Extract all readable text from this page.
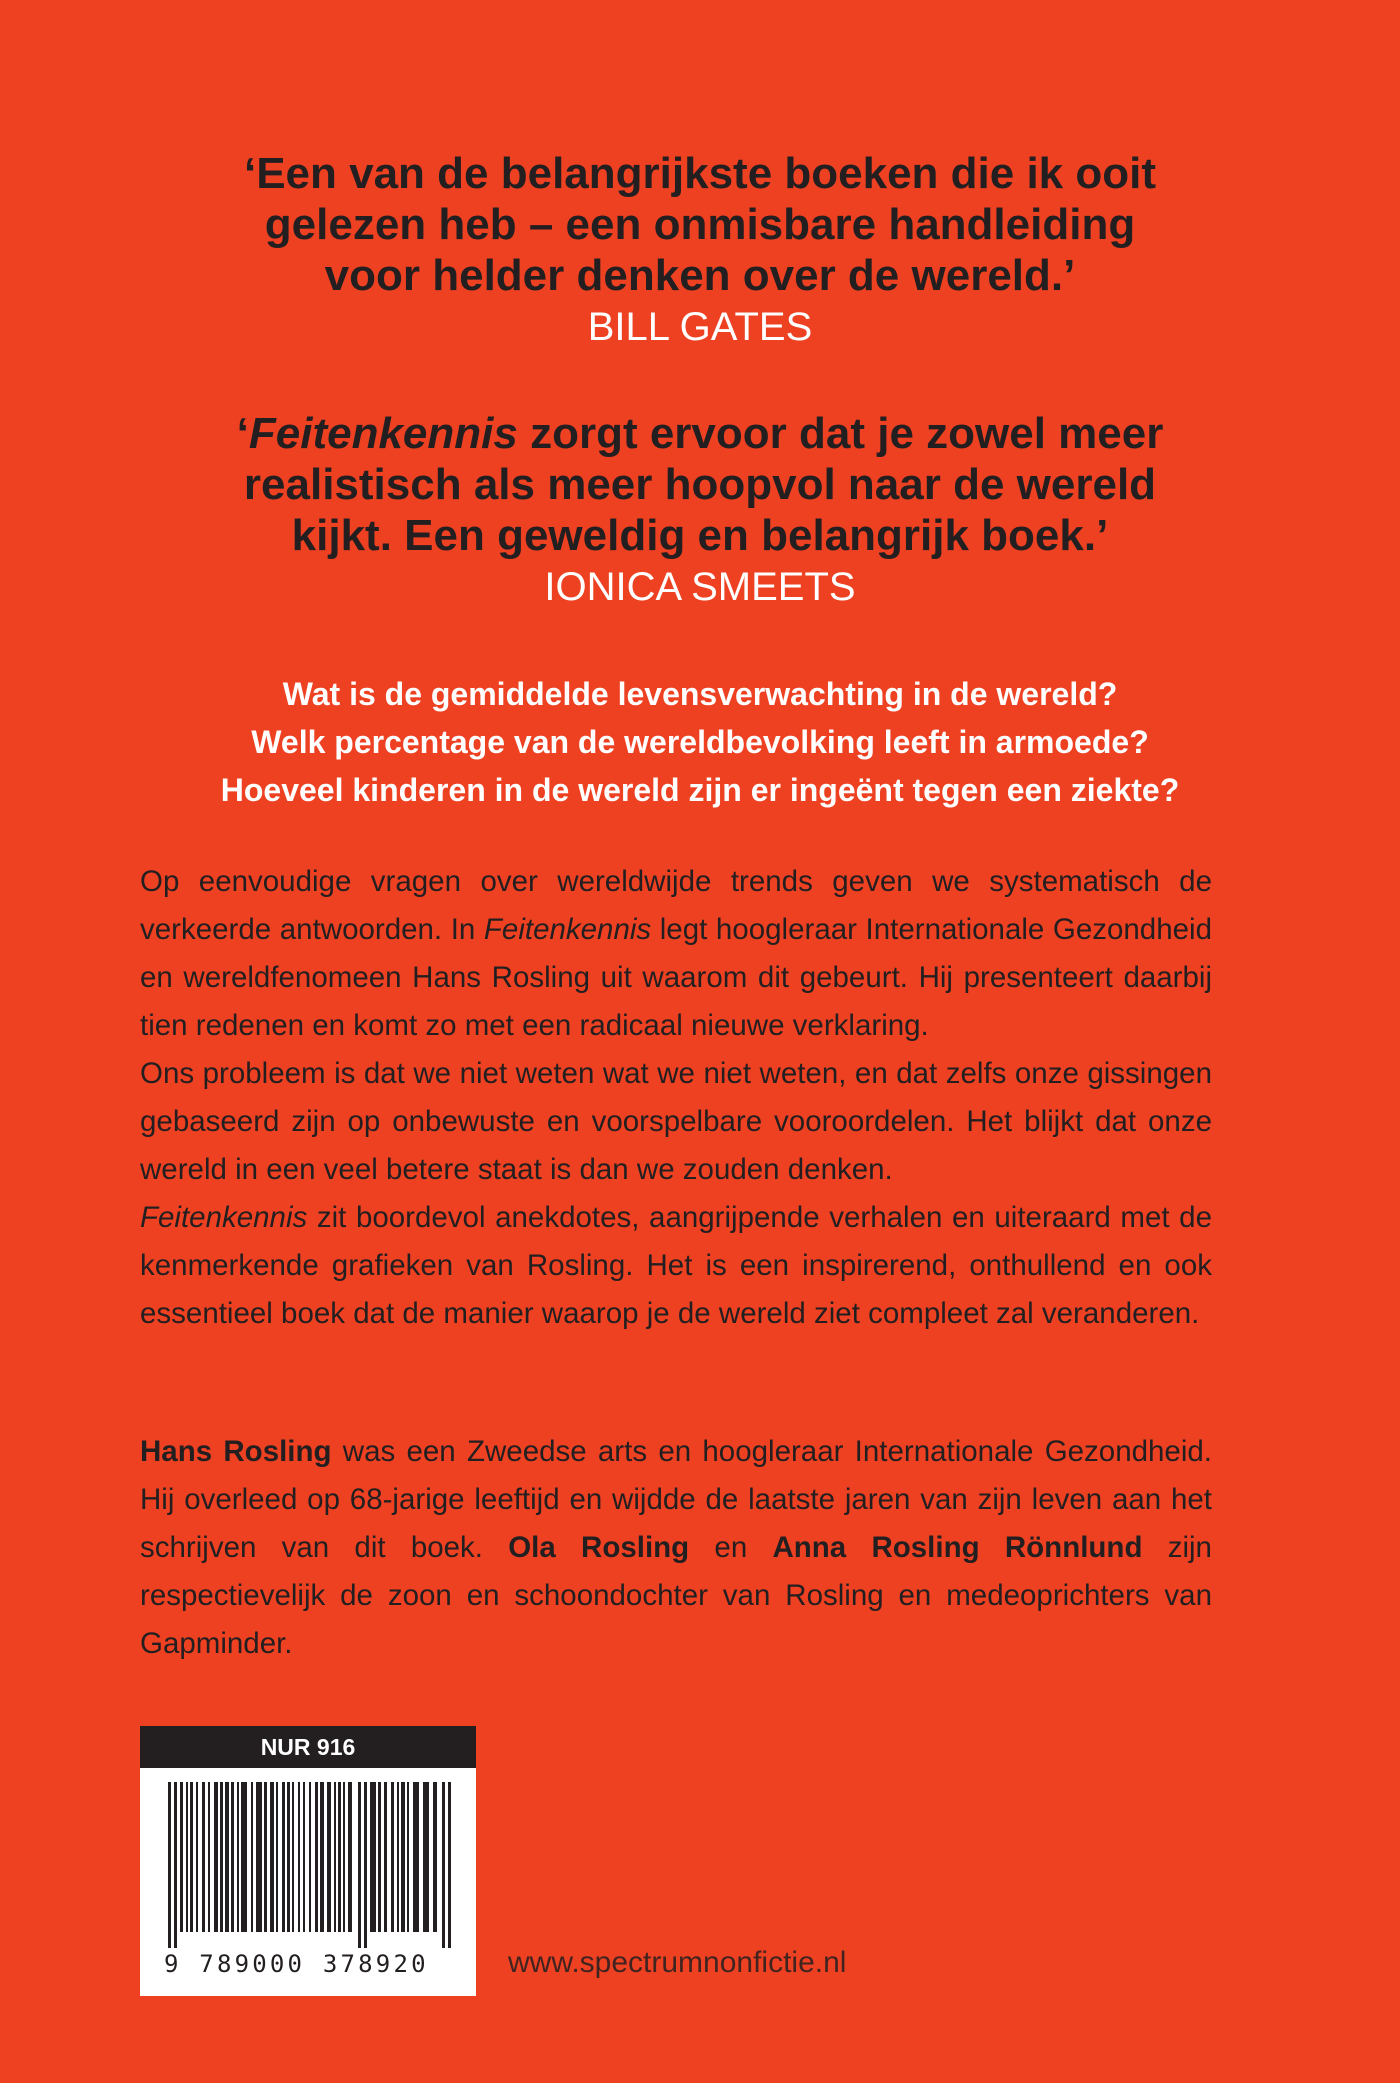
‘Een van de belangrijkste boeken die ik ooit
gelezen heb – een onmisbare handleiding
voor helder denken over de wereld.’
BILL GATES
‘Feitenkennis zorgt ervoor dat je zowel meer
realistisch als meer hoopvol naar de wereld
kijkt. Een geweldig en belangrijk boek.’
IONICA SMEETS
Wat is de gemiddelde levensverwachting in de wereld?
Welk percentage van de wereldbevolking leeft in armoede?
Hoeveel kinderen in de wereld zijn er ingeënt tegen een ziekte?

Op eenvoudige vragen over wereldwijde trends geven we systematisch de verkeerde antwoorden. In Feitenkennis legt hoogleraar Internationale Gezondheid en wereldfenomeen Hans Rosling uit waarom dit gebeurt. Hij presenteert daarbij tien redenen en komt zo met een radicaal nieuwe verklaring.

Ons probleem is dat we niet weten wat we niet weten, en dat zelfs onze gissingen gebaseerd zijn op onbewuste en voorspelbare vooroordelen. Het blijkt dat onze wereld in een veel betere staat is dan we zouden denken.

Feitenkennis zit boordevol anekdotes, aangrijpende verhalen en uiteraard met de kenmerkende grafieken van Rosling. Het is een inspirerend, onthullend en ook essentieel boek dat de manier waarop je de wereld ziet compleet zal veranderen.

Hans Rosling was een Zweedse arts en hoogleraar Internationale Gezondheid. Hij overleed op 68-jarige leeftijd en wijdde de laatste jaren van zijn leven aan het schrijven van dit boek. Ola Rosling en Anna Rosling Rönnlund zijn respectievelijk de zoon en schoondochter van Rosling en medeoprichters van Gapminder.

NUR 916
9 789000 378920	www.spectrumnonfictie.nl
